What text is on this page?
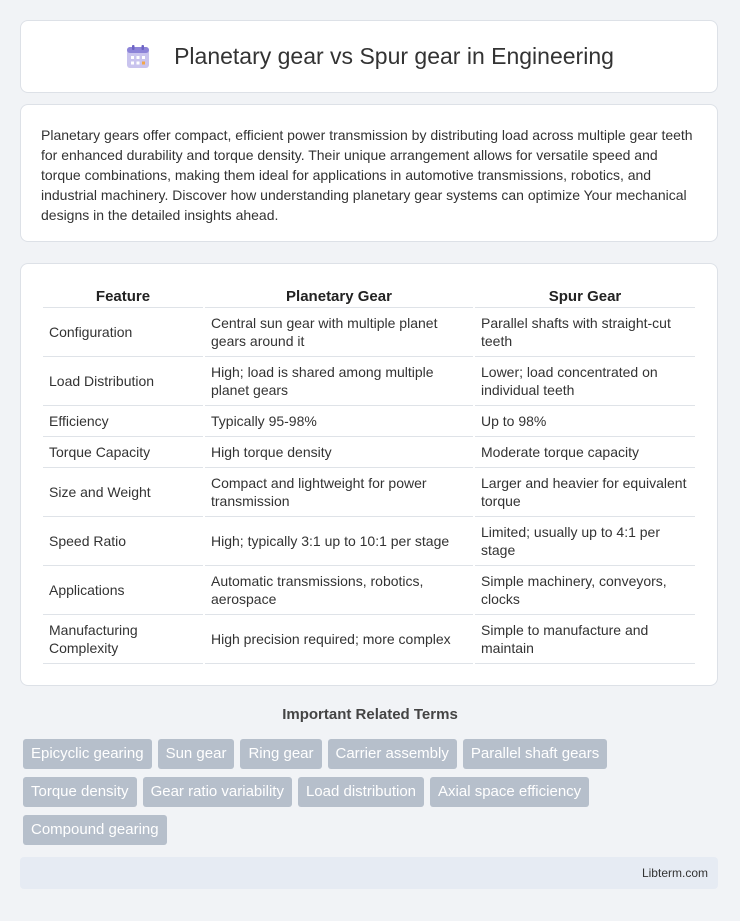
Planetary gear vs Spur gear in Engineering

Planetary gears offer compact, efficient power transmission by distributing load across multiple gear teeth for enhanced durability and torque density. Their unique arrangement allows for versatile speed and torque combinations, making them ideal for applications in automotive transmissions, robotics, and industrial machinery. Discover how understanding planetary gear systems can optimize Your mechanical designs in the detailed insights ahead.

Feature	Planetary Gear	Spur Gear
Configuration	Central sun gear with multiple planet gears around it	Parallel shafts with straight-cut teeth
Load Distribution	High; load is shared among multiple planet gears	Lower; load concentrated on individual teeth
Efficiency	Typically 95-98%	Up to 98%
Torque Capacity	High torque density	Moderate torque capacity
Size and Weight	Compact and lightweight for power transmission	Larger and heavier for equivalent torque
Speed Ratio	High; typically 3:1 up to 10:1 per stage	Limited; usually up to 4:1 per stage
Applications	Automatic transmissions, robotics, aerospace	Simple machinery, conveyors, clocks
Manufacturing Complexity	High precision required; more complex	Simple to manufacture and maintain
Important Related Terms
Epicyclic gearing	Sun gear	Ring gear	Carrier assembly	Parallel shaft gears
Torque density	Gear ratio variability	Load distribution	Axial space efficiency
Compound gearing
Libterm.com
